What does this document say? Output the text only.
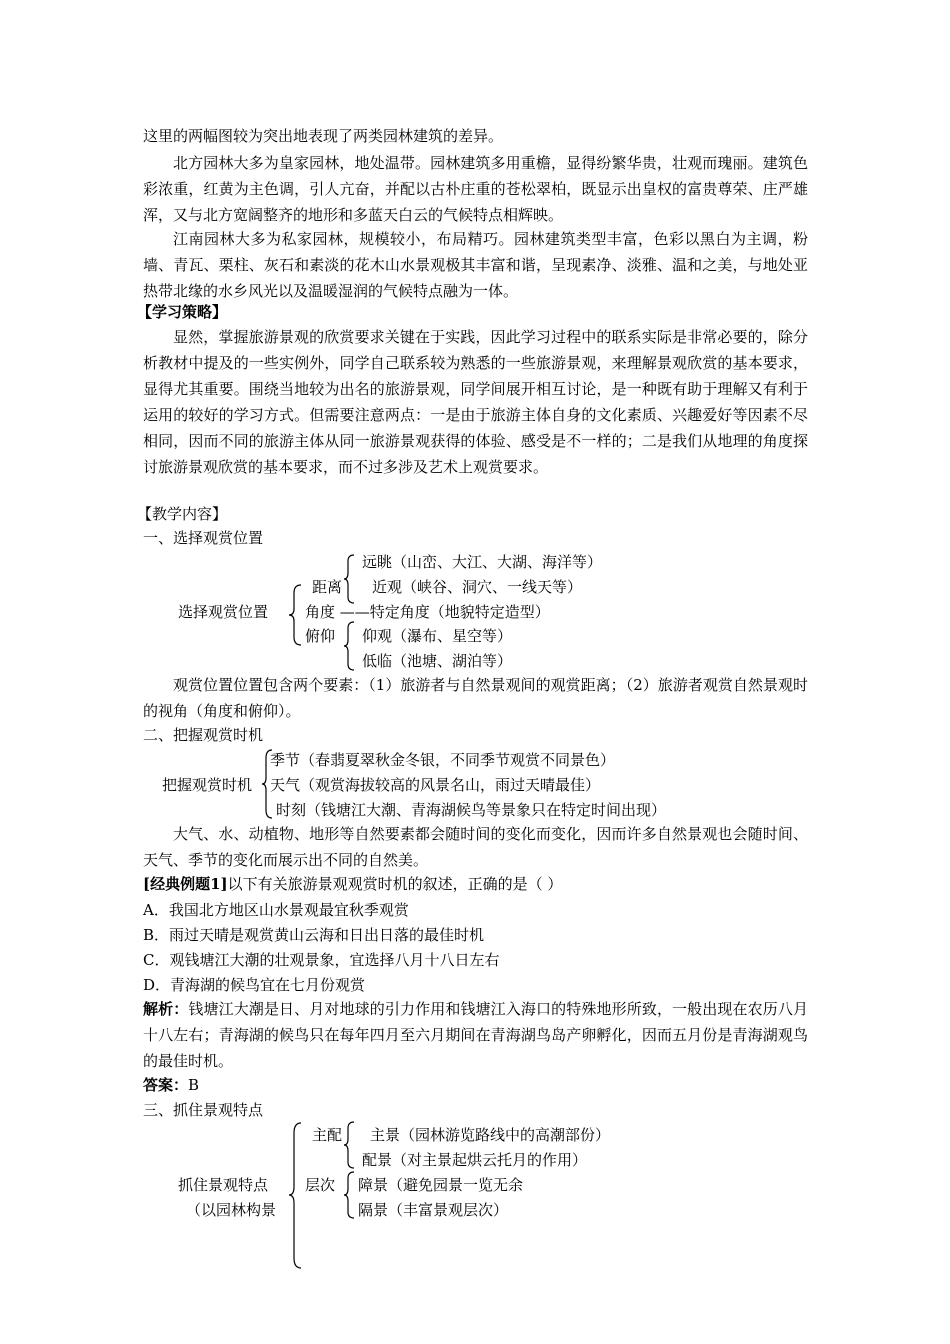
这里的两幅图较为突出地表现了两类园林建筑的差异。
北方园林大多为皇家园林，地处温带。园林建筑多用重檐，显得纷繁华贵，壮观而瑰丽。建筑色彩浓重，红黄为主色调，引人亢奋，并配以古朴庄重的苍松翠柏，既显示出皇权的富贵尊荣、庄严雄浑，又与北方宽阔整齐的地形和多蓝天白云的气候特点相辉映。
江南园林大多为私家园林，规模较小，布局精巧。园林建筑类型丰富，色彩以黑白为主调，粉墙、青瓦、栗柱、灰石和素淡的花木山水景观极其丰富和谐，呈现素净、淡雅、温和之美，与地处亚热带北缘的水乡风光以及温暖湿润的气候特点融为一体。
【学习策略】
显然，掌握旅游景观的欣赏要求关键在于实践，因此学习过程中的联系实际是非常必要的，除分析教材中提及的一些实例外，同学自己联系较为熟悉的一些旅游景观，来理解景观欣赏的基本要求，显得尤其重要。围绕当地较为出名的旅游景观，同学间展开相互讨论，是一种既有助于理解又有利于运用的较好的学习方式。但需要注意两点：一是由于旅游主体自身的文化素质、兴趣爱好等因素不尽相同，因而不同的旅游主体从同一旅游景观获得的体验、感受是不一样的；二是我们从地理的角度探讨旅游景观欣赏的基本要求，而不过多涉及艺术上观赏要求。
【教学内容】
一、选择观赏位置
选择观赏位置
距离
远眺（山峦、大江、大湖、海洋等）
近观（峡谷、洞穴、一线天等）
角度 ——特定角度（地貌特定造型）
俯仰 仰观（瀑布、星空等）
低临（池塘、湖泊等）
观赏位置位置包含两个要素：（1）旅游者与自然景观间的观赏距离；（2）旅游者观赏自然景观时的视角（角度和俯仰）。
二、把握观赏时机
把握观赏时机
季节（春翡夏翠秋金冬银，不同季节观赏不同景色）
天气（观赏海拔较高的风景名山，雨过天晴最佳）
时刻（钱塘江大潮、青海湖候鸟等景象只在特定时间出现）
大气、水、动植物、地形等自然要素都会随时间的变化而变化，因而许多自然景观也会随时间、天气、季节的变化而展示出不同的自然美。
[经典例题1]以下有关旅游景观观赏时机的叙述，正确的是（ ）
A．我国北方地区山水景观最宜秋季观赏
B．雨过天晴是观赏黄山云海和日出日落的最佳时机
C．观钱塘江大潮的壮观景象，宜选择八月十八日左右
D．青海湖的候鸟宜在七月份观赏
解析：钱塘江大潮是日、月对地球的引力作用和钱塘江入海口的特殊地形所致，一般出现在农历八月十八左右；青海湖的候鸟只在每年四月至六月期间在青海湖鸟岛产卵孵化，因而五月份是青海湖观鸟的最佳时机。
答案：B
三、抓住景观特点
抓住景观特点
（以园林构景
主配 主景（园林游览路线中的高潮部份）
配景（对主景起烘云托月的作用）
层次 障景（避免园景一览无余
隔景（丰富景观层次）
